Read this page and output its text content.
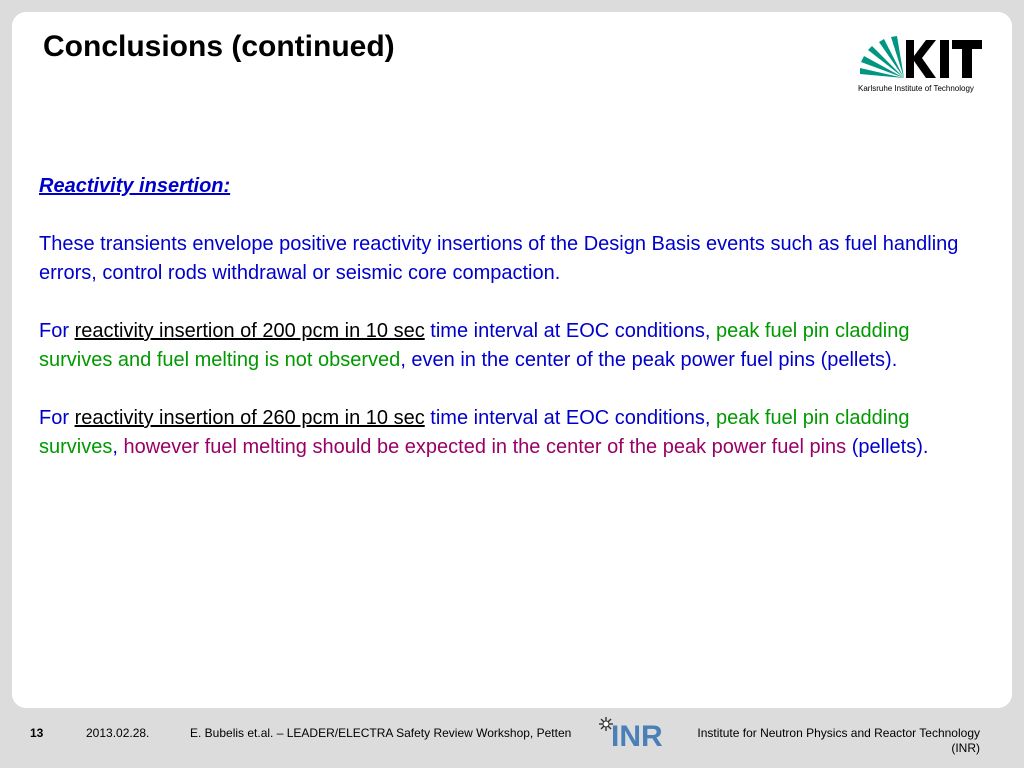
Conclusions (continued)
Karlsruhe Institute of Technology

Reactivity insertion:

These transients envelope positive reactivity insertions of the Design Basis events such as fuel handling errors, control rods withdrawal or seismic core compaction.

For reactivity insertion of 200 pcm in 10 sec time interval at EOC conditions, peak fuel pin cladding survives and fuel melting is not observed, even in the center of the peak power fuel pins (pellets).

For reactivity insertion of 260 pcm in 10 sec time interval at EOC conditions, peak fuel pin cladding survives, however fuel melting should be expected in the center of the peak power fuel pins (pellets).

13	2013.02.28.	E. Bubelis et.al. – LEADER/ELECTRA Safety Review Workshop, Petten INR	Institute for Neutron Physics and Reactor Technology
(INR)
